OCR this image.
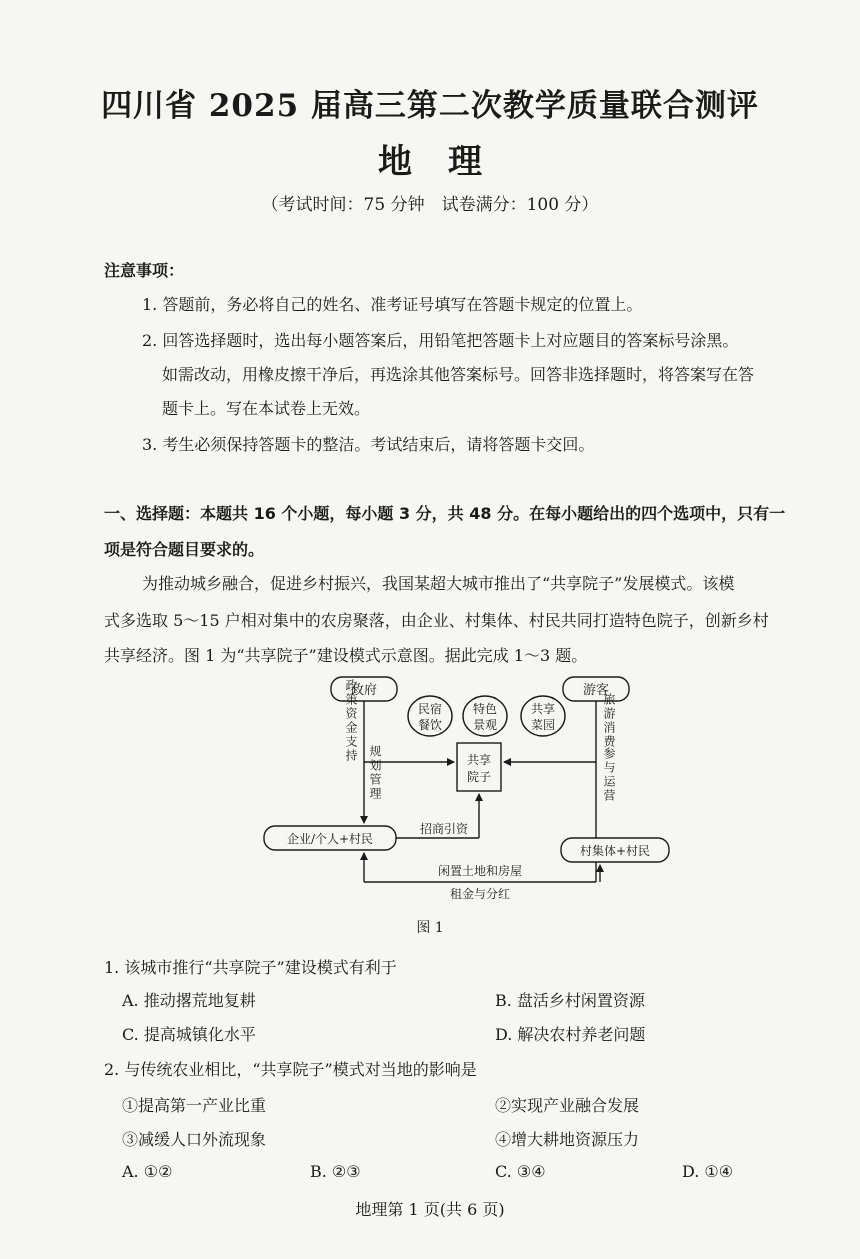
四川省 2025 届高三第二次教学质量联合测评
地理
（考试时间：75 分钟　试卷满分：100 分）
注意事项：
1. 答题前，务必将自己的姓名、准考证号填写在答题卡规定的位置上。
2. 回答选择题时，选出每小题答案后，用铅笔把答题卡上对应题目的答案标号涂黑。
如需改动，用橡皮擦干净后，再选涂其他答案标号。回答非选择题时，将答案写在答
题卡上。写在本试卷上无效。
3. 考生必须保持答题卡的整洁。考试结束后，请将答题卡交回。
一、选择题：本题共 16 个小题，每小题 3 分，共 48 分。在每小题给出的四个选项中，只有一
项是符合题目要求的。
为推动城乡融合，促进乡村振兴，我国某超大城市推出了“共享院子”发展模式。该模
式多选取 5～15 户相对集中的农房聚落，由企业、村集体、村民共同打造特色院子，创新乡村
共享经济。图 1 为“共享院子”建设模式示意图。据此完成 1～3 题。
政府	游客
企业/个人+村民
村集体+村民
民宿
餐饮
特色
景观
共享
菜园
共享
院子
政策资金支持
规划管理
旅游消费
参与运营
招商引资
闲置土地和房屋
租金与分红
图 1
1. 该城市推行“共享院子”建设模式有利于
A. 推动撂荒地复耕	B. 盘活乡村闲置资源
C. 提高城镇化水平	D. 解决农村养老问题
2. 与传统农业相比，“共享院子”模式对当地的影响是
①提高第一产业比重	②实现产业融合发展
③减缓人口外流现象	④增大耕地资源压力
A. ①②	B. ②③	C. ③④	D. ①④
地理第 1 页(共 6 页)
